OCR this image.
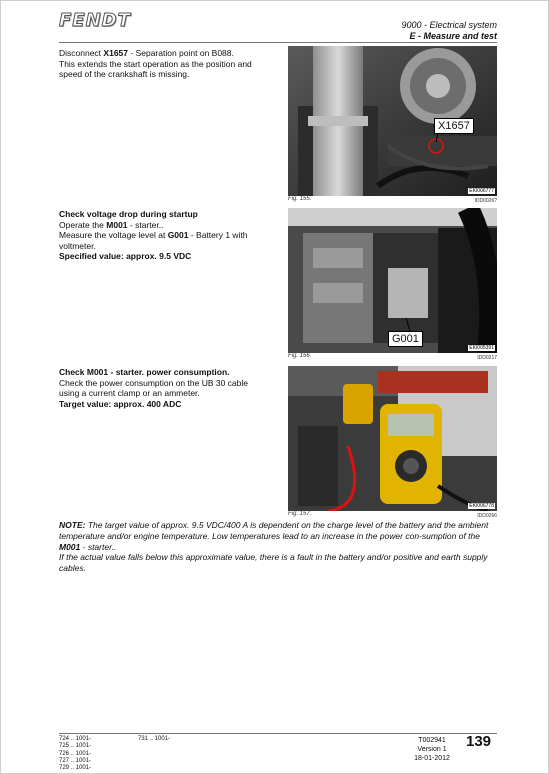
FENDT	9000 - Electrical system
E - Measure and test
Disconnect X1657 - Separation point on B088.
This extends the start operation as the position and
speed of the crankshaft is missing.
X1657
EKI006777
Fig. 155.	IDD0026?
Check voltage drop during startup
Operate the M001 - starter..
Measure the voltage level at G001 - Battery 1 with
voltmeter.
Specified value: approx. 9.5 VDC
G001
EKI005391
Fig. 156.	IDD0217
Check M001 - starter. power consumption.
Check the power consumption on the UB 30 cable
using a current clamp or an ammeter.
Target value: approx. 400 ADC
EKI006778
Fig. 157.	IDD0266
NOTE: The target value of approx. 9.5 VDC/400 A is dependent on the charge level of the battery and the ambient temperature and/or engine temperature. Low temperatures lead to an increase in the power con-sumption of the M001 - starter..
If the actual value falls below this approximate value, there is a fault in the battery and/or positive and earth supply cables.
724 .. 1001-
725 .. 1001-
726 .. 1001-
727 .. 1001-
729 .. 1001-
731 .. 1001-	T002941
Version 1
18-01-2012
139
